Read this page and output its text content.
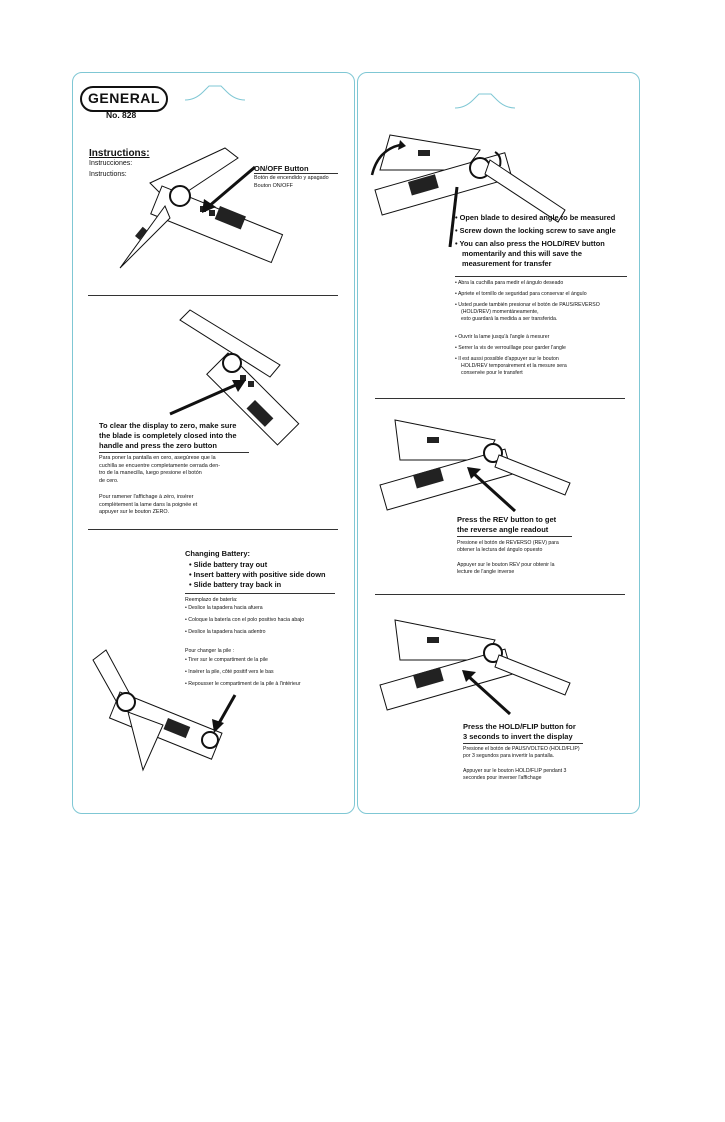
GENERAL
No. 828
Instructions:
Instrucciones:
Instructions:
ON/OFF Button
Botón de encendido y apagado
Bouton ON/OFF
To clear the display to zero, make sure
the blade is completely closed into the
handle and press the zero button
Para poner la pantalla en cero, asegúrese que la
cuchilla se encuentre completamente cerrada den-
tro de la manecilla, luego presione el botón
de cero.
Pour ramener l'affichage à zéro, insérer
complètement la lame dans la poignée et
appuyer sur le bouton ZERO.
Changing Battery:
• Slide battery tray out
• Insert battery with positive side down
• Slide battery tray back in
Reemplazo de batería:
• Deslice la tapadera hacia afuera
• Coloque la batería con el polo positivo hacia abajo
• Deslice la tapadera hacia adentro
Pour changer la pile :
• Tirer sur le compartiment de la pile
• Insérer la pile, côté positif vers le bas
• Repousser le compartiment de la pile à l'intérieur
• Open blade to desired angle to be measured
• Screw down the locking screw to save angle
• You can also press the HOLD/REV button
momentarily and this will save the
measurement for transfer
• Abra la cuchilla para medir el ángulo deseado
• Apriete el tornillo de seguridad para conservar el ángulo
• Usted puede también presionar el botón de PAUS/REVERSO
(HOLD/REV) momentáneamente,
esto guardará la medida a ser transferida.
• Ouvrir la lame jusqu'à l'angle à mesurer
• Serrer la vis de verrouillage pour garder l'angle
• Il est aussi possible d'appuyer sur le bouton
HOLD/REV temporairement et la mesure sera
conservée pour le transfert
Press the REV button to get
the reverse angle readout
Presione el botón de REVERSO (REV) para
obtener la lectura del ángulo opuesto
Appuyer sur le bouton REV pour obtenir la
lecture de l'angle inverse
Press the HOLD/FLIP button for
3 seconds to invert the display
Presione el botón de PAUS/VOLTEO (HOLD/FLIP)
por 3 segundos para invertir la pantalla.
Appuyer sur le bouton HOLD/FLIP pendant 3
secondes pour inverser l'affichage
